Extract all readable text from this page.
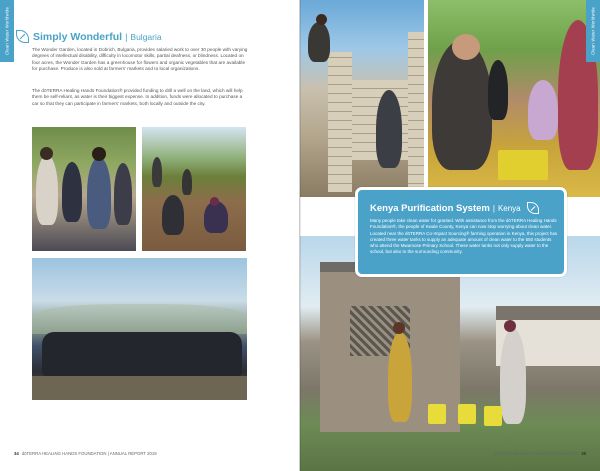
Clean Water Worldwide Simply Wonderful | Bulgaria

The Wonder Garden, located in Dobrich, Bulgaria, provides salaried work to over 30 people with varying degrees of intellectual disability, difficulty in locomotor skills, partial deafness, or blindness. Located on four acres, the Wonder Garden has a greenhouse for flowers and organic vegetables that are available for purchase. Produce is also sold at farmers' markets and to local organizations.

The dōTERRA Healing Hands Foundation® provided funding to drill a well on the land, which will help them be self-reliant, as water is their biggest expense. In addition, funds were allocated to purchase a car so that they can participate in farmers' markets, both locally and outside the city.

34 dōTERRA HEALING HANDS FOUNDATION | ANNUAL REPORT 2019
Clean Water Worldwide
Kenya Purification System | Kenya

Many people take clean water for granted. With assistance from the dōTERRA Healing Hands Foundation®, the people of Kwale County, Kenya can now stop worrying about clean water. Located near the dōTERRA Co-Impact Sourcing® farming operation in Kenya, this project has created three water tanks to supply an adequate amount of clean water to the 550 students who attend the Mwamose Primary School. These water tanks not only supply water to the school, but also to the surrounding community.

dōTERRA HEALING HANDS FOUNDATION 35
